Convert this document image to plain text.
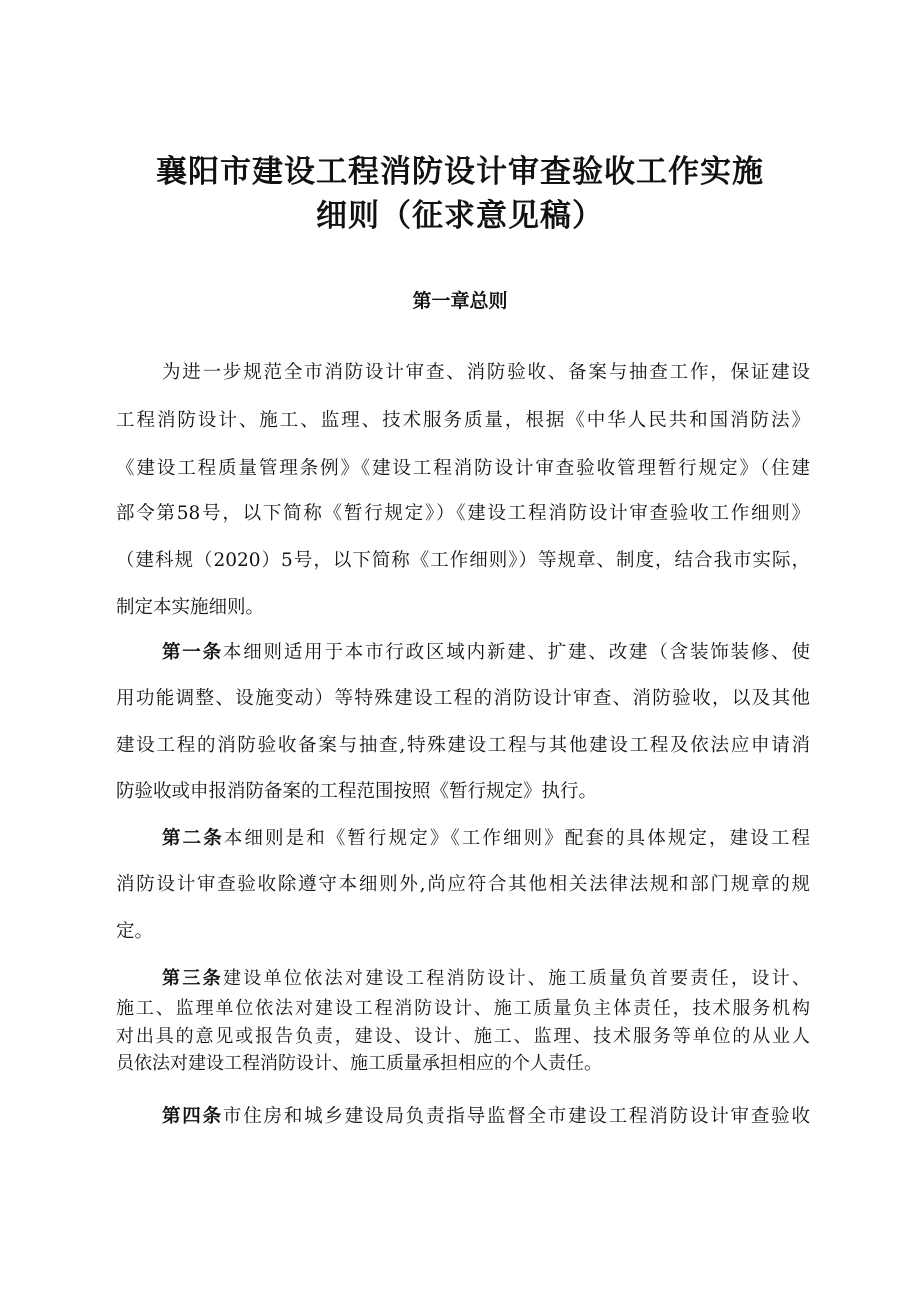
襄阳市建设工程消防设计审查验收工作实施
细则（征求意见稿）
第一章总则
为进一步规范全市消防设计审查、消防验收、备案与抽查工作，保证建设
工程消防设计、施工、监理、技术服务质量，根据《中华人民共和国消防法》
《建设工程质量管理条例》《建设工程消防设计审查验收管理暂行规定》（住建
部令第58号，以下简称《暂行规定》）《建设工程消防设计审查验收工作细则》
（建科规（2020）5号，以下简称《工作细则》）等规章、制度，结合我市实际，
制定本实施细则。
第一条本细则适用于本市行政区域内新建、扩建、改建（含装饰装修、使
用功能调整、设施变动）等特殊建设工程的消防设计审查、消防验收，以及其他
建设工程的消防验收备案与抽查,特殊建设工程与其他建设工程及依法应申请消
防验收或申报消防备案的工程范围按照《暂行规定》执行。
第二条本细则是和《暂行规定》《工作细则》配套的具体规定，建设工程
消防设计审查验收除遵守本细则外,尚应符合其他相关法律法规和部门规章的规
定。
第三条建设单位依法对建设工程消防设计、施工质量负首要责任，设计、
施工、监理单位依法对建设工程消防设计、施工质量负主体责任，技术服务机构
对出具的意见或报告负责，建设、设计、施工、监理、技术服务等单位的从业人
员依法对建设工程消防设计、施工质量承担相应的个人责任。
第四条市住房和城乡建设局负责指导监督全市建设工程消防设计审查验收
